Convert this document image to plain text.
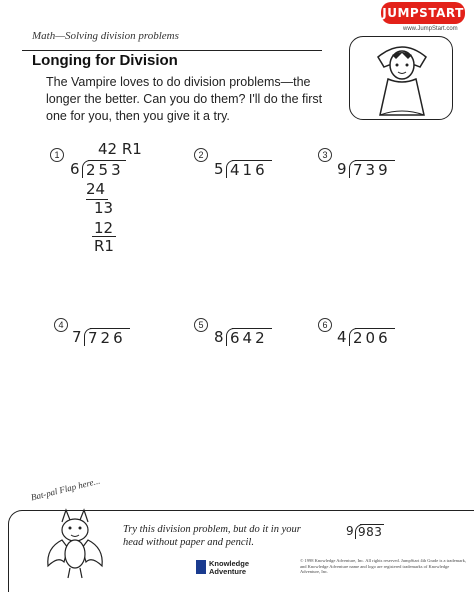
Math—Solving division problems
JUMPSTART
www.JumpStart.com
Longing for Division
The Vampire loves to do division problems—the longer the better. Can you do them? I'll do the first one for you, then you give it a try.
1	42 R1
6 253
24
13
12
R1
2
5 416
3
9 739
4
7 726
5
8 642
6
4 206
Bat-pal Flap here...
Try this division problem, but do it in your head without paper and pencil.
9 983
Knowledge
Adventure
© 1998 Knowledge Adventure, Inc. All rights reserved. JumpStart 4th Grade is a trademark, and Knowledge Adventure name and logo are registered trademarks of Knowledge Adventure, Inc.
